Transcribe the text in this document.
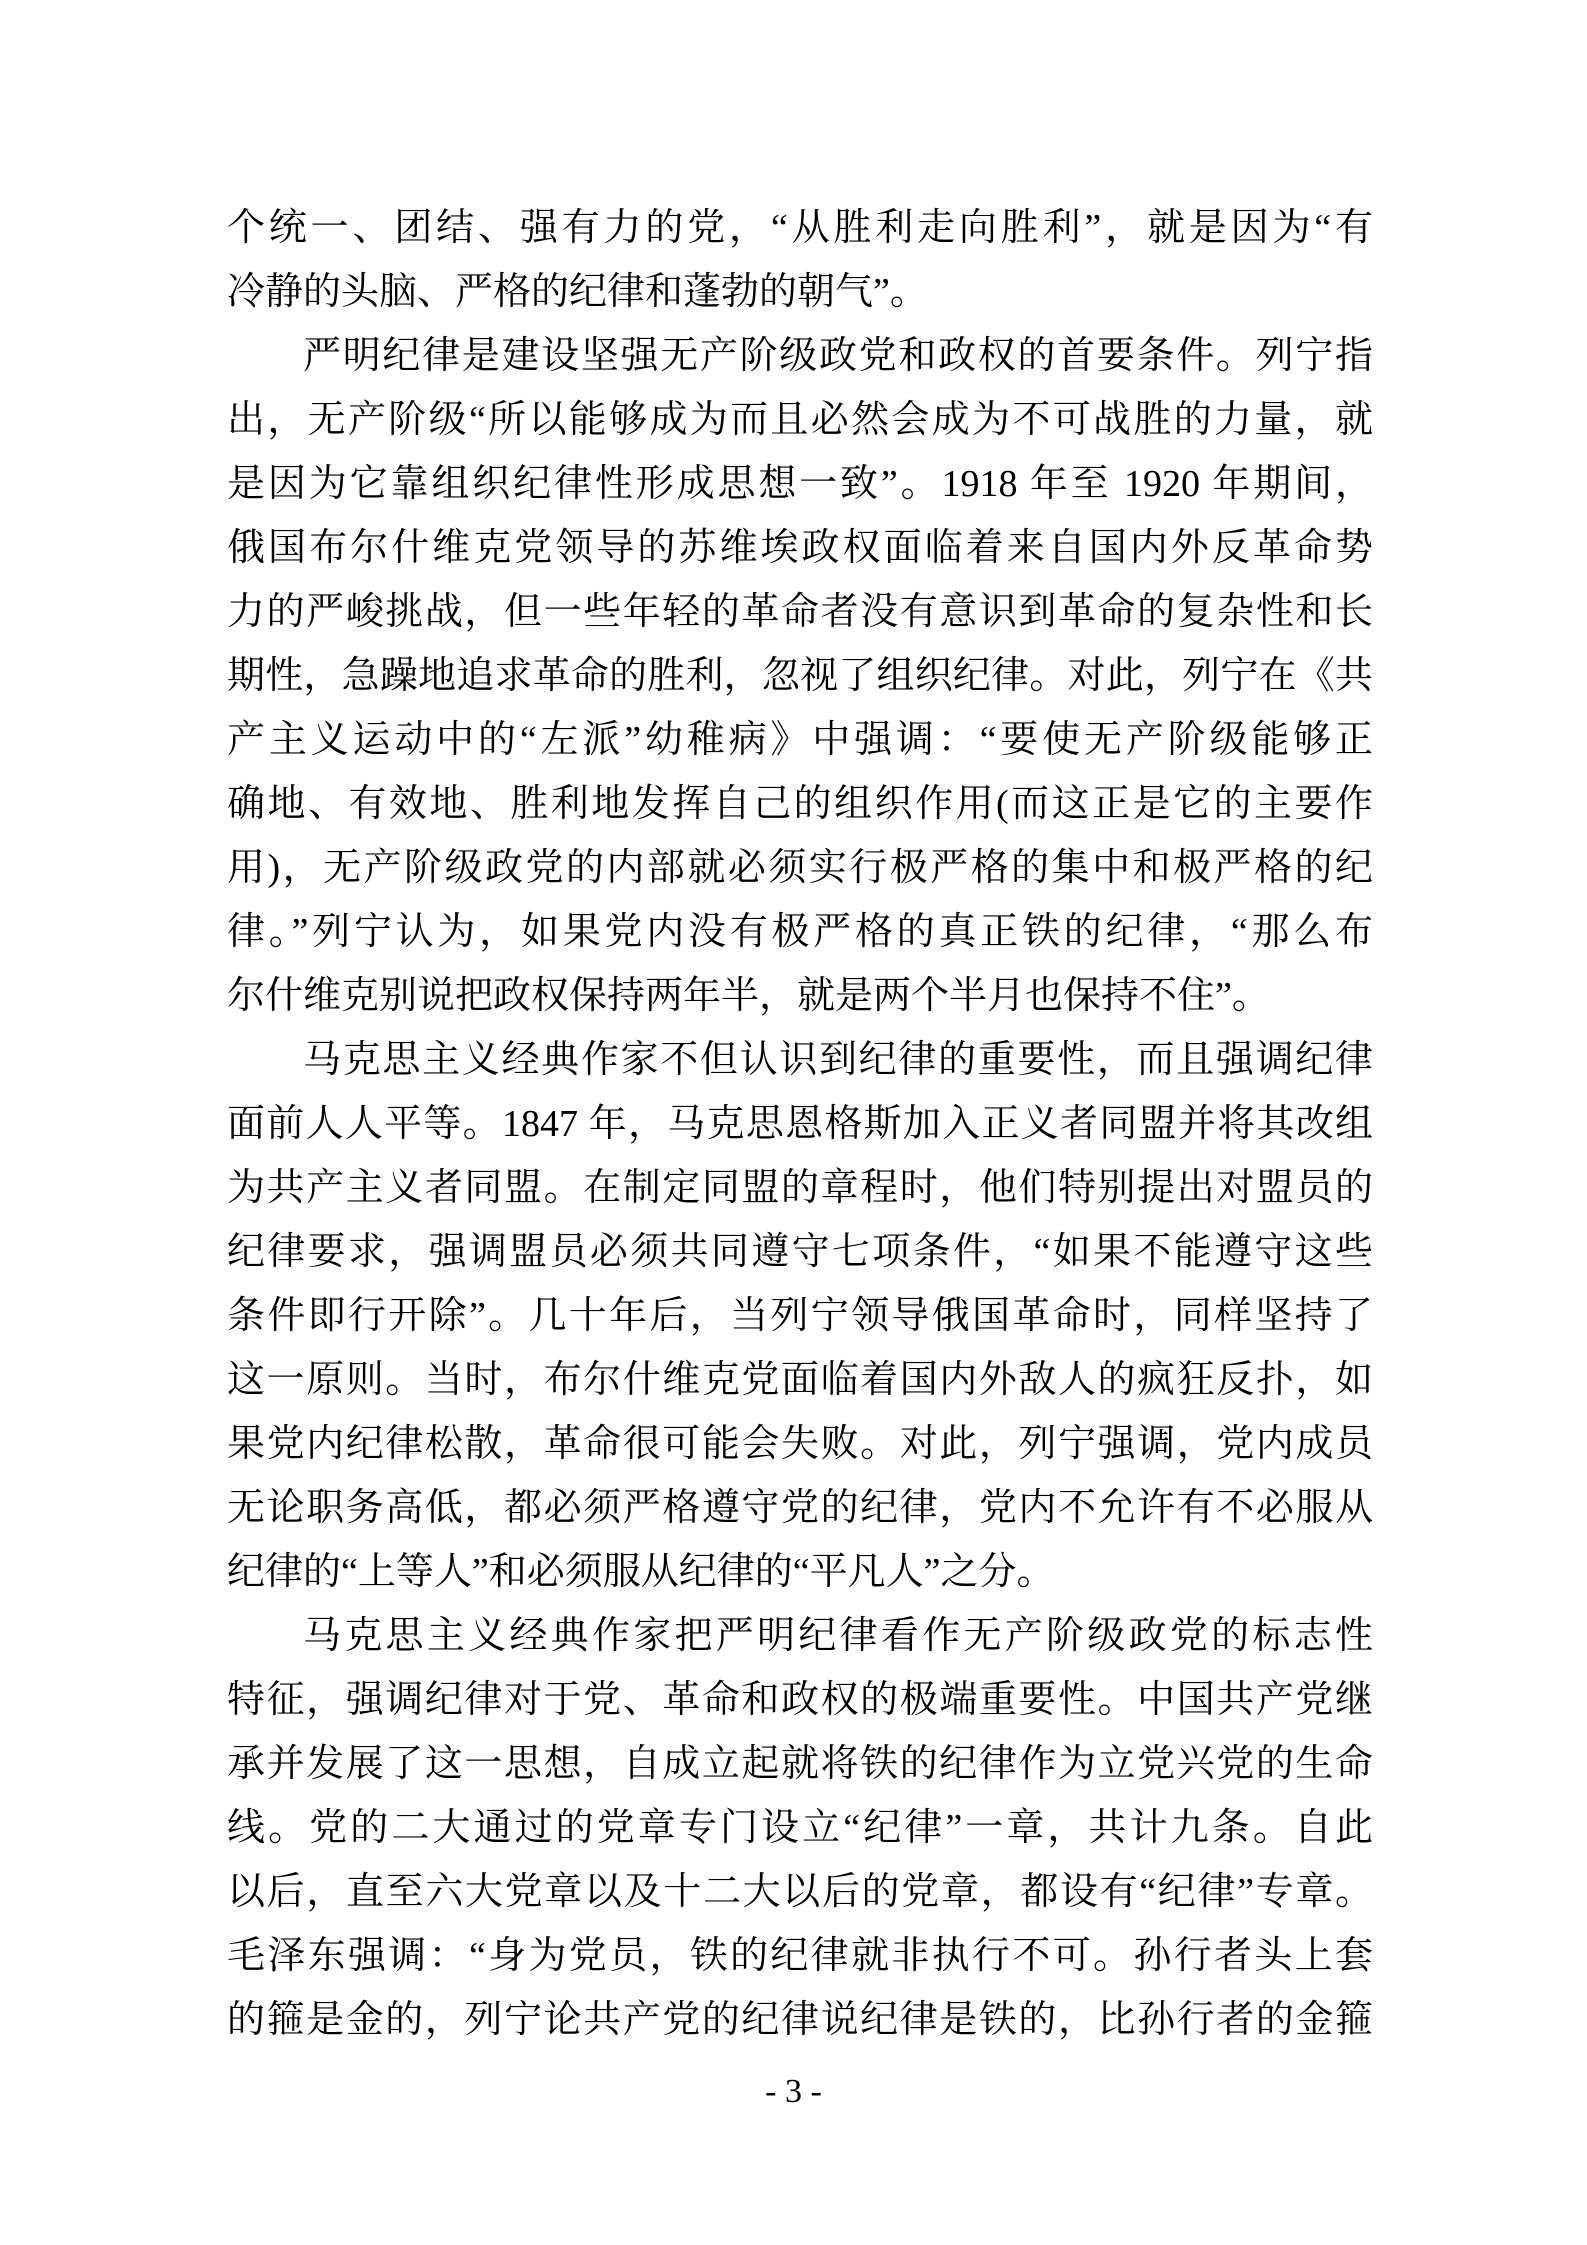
个统一、团结、强有力的党，“从胜利走向胜利”，就是因为“有
冷静的头脑、严格的纪律和蓬勃的朝气”。
严明纪律是建设坚强无产阶级政党和政权的首要条件。列宁指
出，无产阶级“所以能够成为而且必然会成为不可战胜的力量，就
是因为它靠组织纪律性形成思想一致”。1918 年至 1920 年期间，
俄国布尔什维克党领导的苏维埃政权面临着来自国内外反革命势
力的严峻挑战，但一些年轻的革命者没有意识到革命的复杂性和长
期性，急躁地追求革命的胜利，忽视了组织纪律。对此，列宁在《共
产主义运动中的“左派”幼稚病》中强调：“要使无产阶级能够正
确地、有效地、胜利地发挥自己的组织作用(而这正是它的主要作
用)，无产阶级政党的内部就必须实行极严格的集中和极严格的纪
律。”列宁认为，如果党内没有极严格的真正铁的纪律，“那么布
尔什维克别说把政权保持两年半，就是两个半月也保持不住”。
马克思主义经典作家不但认识到纪律的重要性，而且强调纪律
面前人人平等。1847 年，马克思恩格斯加入正义者同盟并将其改组
为共产主义者同盟。在制定同盟的章程时，他们特别提出对盟员的
纪律要求，强调盟员必须共同遵守七项条件，“如果不能遵守这些
条件即行开除”。几十年后，当列宁领导俄国革命时，同样坚持了
这一原则。当时，布尔什维克党面临着国内外敌人的疯狂反扑，如
果党内纪律松散，革命很可能会失败。对此，列宁强调，党内成员
无论职务高低，都必须严格遵守党的纪律，党内不允许有不必服从
纪律的“上等人”和必须服从纪律的“平凡人”之分。
马克思主义经典作家把严明纪律看作无产阶级政党的标志性
特征，强调纪律对于党、革命和政权的极端重要性。中国共产党继
承并发展了这一思想，自成立起就将铁的纪律作为立党兴党的生命
线。党的二大通过的党章专门设立“纪律”一章，共计九条。自此
以后，直至六大党章以及十二大以后的党章，都设有“纪律”专章。
毛泽东强调：“身为党员，铁的纪律就非执行不可。孙行者头上套
的箍是金的，列宁论共产党的纪律说纪律是铁的，比孙行者的金箍
- 3 -
